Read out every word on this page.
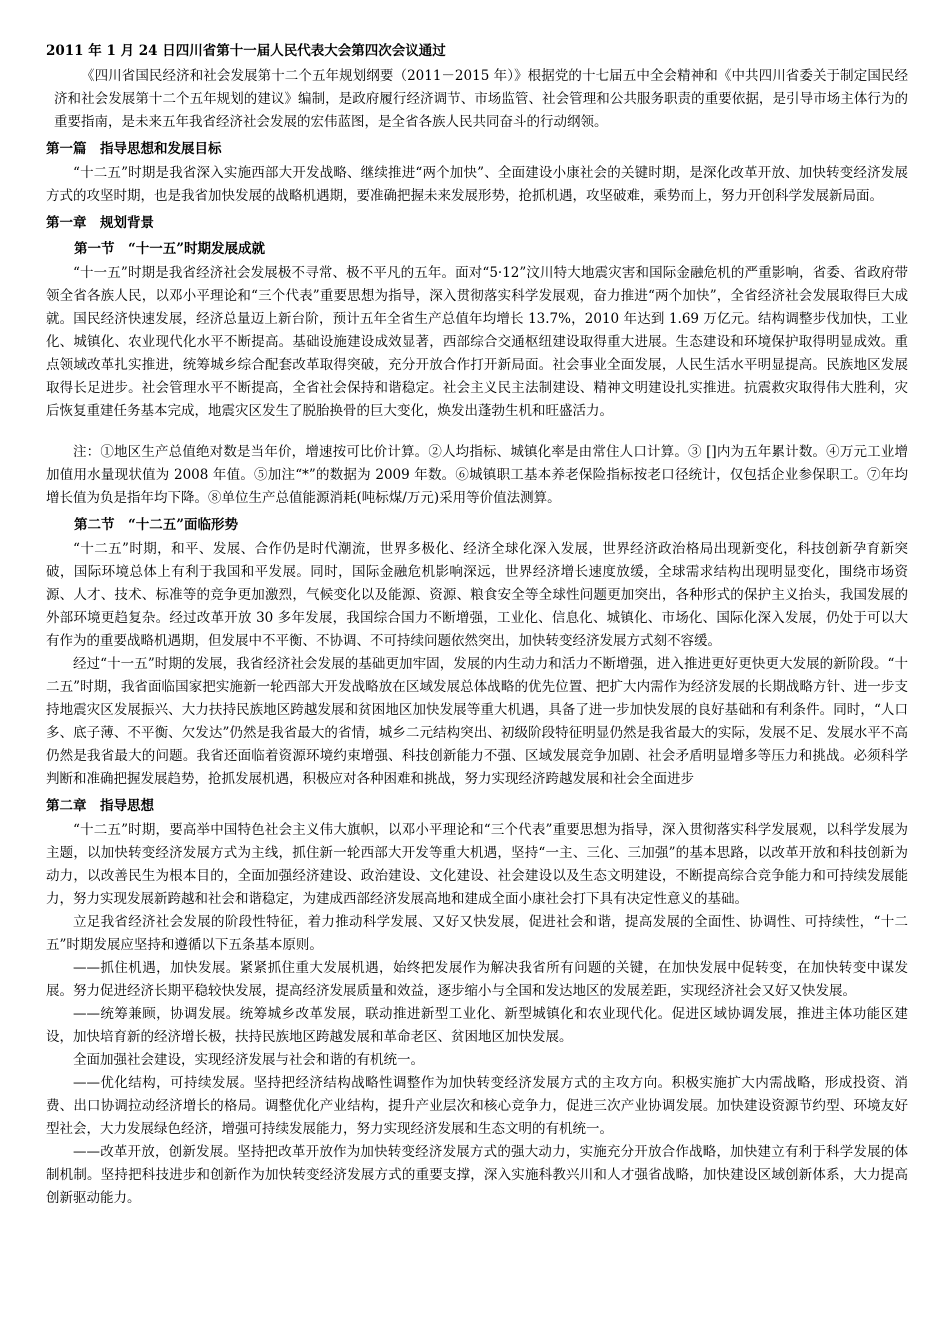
2011 年 1 月 24 日四川省第十一届人民代表大会第四次会议通过

《四川省国民经济和社会发展第十二个五年规划纲要（2011－2015 年）》根据党的十七届五中全会精神和《中共四川省委关于制定国民经济和社会发展第十二个五年规划的建议》编制，是政府履行经济调节、市场监管、社会管理和公共服务职责的重要依据，是引导市场主体行为的重要指南，是未来五年我省经济社会发展的宏伟蓝图，是全省各族人民共同奋斗的行动纲领。

第一篇　指导思想和发展目标

“十二五”时期是我省深入实施西部大开发战略、继续推进“两个加快”、全面建设小康社会的关键时期，是深化改革开放、加快转变经济发展方式的攻坚时期，也是我省加快发展的战略机遇期，要准确把握未来发展形势，抢抓机遇，攻坚破难，乘势而上，努力开创科学发展新局面。

第一章　规划背景
第一节　“十一五”时期发展成就

“十一五”时期是我省经济社会发展极不寻常、极不平凡的五年。面对“5·12”汶川特大地震灾害和国际金融危机的严重影响，省委、省政府带领全省各族人民，以邓小平理论和“三个代表”重要思想为指导，深入贯彻落实科学发展观，奋力推进“两个加快”，全省经济社会发展取得巨大成就。国民经济快速发展，经济总量迈上新台阶，预计五年全省生产总值年均增长 13.7%，2010 年达到 1.69 万亿元。结构调整步伐加快，工业化、城镇化、农业现代化水平不断提高。基础设施建设成效显著，西部综合交通枢纽建设取得重大进展。生态建设和环境保护取得明显成效。重点领域改革扎实推进，统筹城乡综合配套改革取得突破，充分开放合作打开新局面。社会事业全面发展，人民生活水平明显提高。民族地区发展取得长足进步。社会管理水平不断提高，全省社会保持和谐稳定。社会主义民主法制建设、精神文明建设扎实推进。抗震救灾取得伟大胜利，灾后恢复重建任务基本完成，地震灾区发生了脱胎换骨的巨大变化，焕发出蓬勃生机和旺盛活力。

注：①地区生产总值绝对数是当年价，增速按可比价计算。②人均指标、城镇化率是由常住人口计算。③ []内为五年累计数。④万元工业增加值用水量现状值为 2008 年值。⑤加注“*”的数据为 2009 年数。⑥城镇职工基本养老保险指标按老口径统计，仅包括企业参保职工。⑦年均增长值为负是指年均下降。⑧单位生产总值能源消耗(吨标煤/万元)采用等价值法测算。

第二节　“十二五”面临形势

“十二五”时期，和平、发展、合作仍是时代潮流，世界多极化、经济全球化深入发展，世界经济政治格局出现新变化，科技创新孕育新突破，国际环境总体上有利于我国和平发展。同时，国际金融危机影响深远，世界经济增长速度放缓，全球需求结构出现明显变化，围绕市场资源、人才、技术、标准等的竞争更加激烈，气候变化以及能源、资源、粮食安全等全球性问题更加突出，各种形式的保护主义抬头，我国发展的外部环境更趋复杂。经过改革开放 30 多年发展，我国综合国力不断增强，工业化、信息化、城镇化、市场化、国际化深入发展，仍处于可以大有作为的重要战略机遇期，但发展中不平衡、不协调、不可持续问题依然突出，加快转变经济发展方式刻不容缓。

经过“十一五”时期的发展，我省经济社会发展的基础更加牢固，发展的内生动力和活力不断增强，进入推进更好更快更大发展的新阶段。“十二五”时期，我省面临国家把实施新一轮西部大开发战略放在区域发展总体战略的优先位置、把扩大内需作为经济发展的长期战略方针、进一步支持地震灾区发展振兴、大力扶持民族地区跨越发展和贫困地区加快发展等重大机遇，具备了进一步加快发展的良好基础和有利条件。同时，“人口多、底子薄、不平衡、欠发达”仍然是我省最大的省情，城乡二元结构突出、初级阶段特征明显仍然是我省最大的实际，发展不足、发展水平不高仍然是我省最大的问题。我省还面临着资源环境约束增强、科技创新能力不强、区域发展竞争加剧、社会矛盾明显增多等压力和挑战。必须科学判断和准确把握发展趋势，抢抓发展机遇，积极应对各种困难和挑战，努力实现经济跨越发展和社会全面进步

第二章　指导思想

“十二五”时期，要高举中国特色社会主义伟大旗帜，以邓小平理论和“三个代表”重要思想为指导，深入贯彻落实科学发展观，以科学发展为主题，以加快转变经济发展方式为主线，抓住新一轮西部大开发等重大机遇，坚持“一主、三化、三加强”的基本思路，以改革开放和科技创新为动力，以改善民生为根本目的，全面加强经济建设、政治建设、文化建设、社会建设以及生态文明建设，不断提高综合竞争能力和可持续发展能力，努力实现发展新跨越和社会和谐稳定，为建成西部经济发展高地和建成全面小康社会打下具有决定性意义的基础。

立足我省经济社会发展的阶段性特征，着力推动科学发展、又好又快发展，促进社会和谐，提高发展的全面性、协调性、可持续性，“十二五”时期发展应坚持和遵循以下五条基本原则。

——抓住机遇，加快发展。紧紧抓住重大发展机遇，始终把发展作为解决我省所有问题的关键，在加快发展中促转变，在加快转变中谋发展。努力促进经济长期平稳较快发展，提高经济发展质量和效益，逐步缩小与全国和发达地区的发展差距，实现经济社会又好又快发展。

——统筹兼顾，协调发展。统筹城乡改革发展，联动推进新型工业化、新型城镇化和农业现代化。促进区域协调发展，推进主体功能区建设，加快培育新的经济增长极，扶持民族地区跨越发展和革命老区、贫困地区加快发展。

全面加强社会建设，实现经济发展与社会和谐的有机统一。

——优化结构，可持续发展。坚持把经济结构战略性调整作为加快转变经济发展方式的主攻方向。积极实施扩大内需战略，形成投资、消费、出口协调拉动经济增长的格局。调整优化产业结构，提升产业层次和核心竞争力，促进三次产业协调发展。加快建设资源节约型、环境友好型社会，大力发展绿色经济，增强可持续发展能力，努力实现经济发展和生态文明的有机统一。

——改革开放，创新发展。坚持把改革开放作为加快转变经济发展方式的强大动力，实施充分开放合作战略，加快建立有利于科学发展的体制机制。坚持把科技进步和创新作为加快转变经济发展方式的重要支撑，深入实施科教兴川和人才强省战略，加快建设区域创新体系，大力提高创新驱动能力。
